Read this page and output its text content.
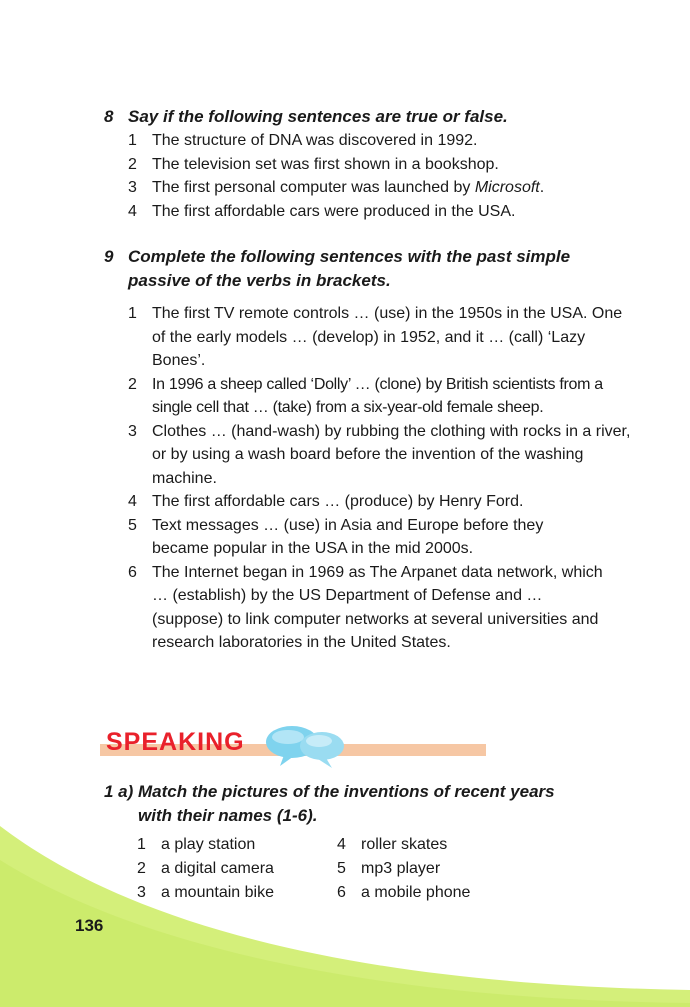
8 Say if the following sentences are true or false.
1 The structure of DNA was discovered in 1992.
2 The television set was first shown in a bookshop.
3 The first personal computer was launched by Microsoft.
4 The first affordable cars were produced in the USA.
9 Complete the following sentences with the past simple passive of the verbs in brackets.
1 The first TV remote controls … (use) in the 1950s in the USA. One of the early models … (develop) in 1952, and it … (call) ‘Lazy Bones’.
2 In 1996 a sheep called ‘Dolly’ … (clone) by British scientists from a single cell that … (take) from a six-year-old female sheep.
3 Clothes … (hand-wash) by rubbing the clothing with rocks in a river, or by using a wash board before the invention of the washing machine.
4 The first affordable cars … (produce) by Henry Ford.
5 Text messages … (use) in Asia and Europe before they became popular in the USA in the mid 2000s.
6 The Internet began in 1969 as The Arpanet data network, which … (establish) by the US Department of Defense and … (suppose) to link computer networks at several universities and research laboratories in the United States.
SPEAKING
1 a) Match the pictures of the inventions of recent years with their names (1-6).
1 a play station	4 roller skates
2 a digital camera	5 mp3 player
3 a mountain bike	6 a mobile phone
136
